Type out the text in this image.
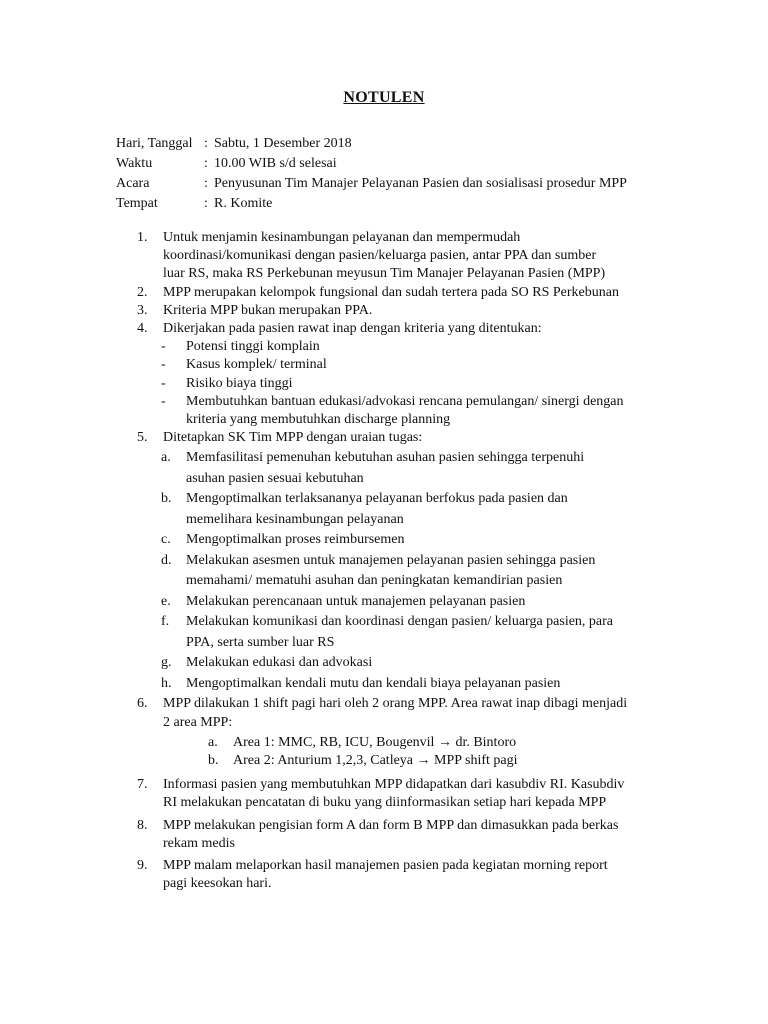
NOTULEN
Hari, Tanggal : Sabtu, 1 Desember 2018
Waktu	: 10.00 WIB s/d selesai
Acara	: Penyusunan Tim Manajer Pelayanan Pasien dan sosialisasi prosedur MPP
Tempat	: R. Komite
1. Untuk menjamin kesinambungan pelayanan dan mempermudah
koordinasi/komunikasi dengan pasien/keluarga pasien, antar PPA dan sumber
luar RS, maka RS Perkebunan meyusun Tim Manajer Pelayanan Pasien (MPP)
2. MPP merupakan kelompok fungsional dan sudah tertera pada SO RS Perkebunan
3. Kriteria MPP bukan merupakan PPA.
4. Dikerjakan pada pasien rawat inap dengan kriteria yang ditentukan:
- Potensi tinggi komplain
- Kasus komplek/ terminal
- Risiko biaya tinggi
- Membutuhkan bantuan edukasi/advokasi rencana pemulangan/ sinergi dengan
kriteria yang membutuhkan discharge planning
5. Ditetapkan SK Tim MPP dengan uraian tugas:
a. Memfasilitasi pemenuhan kebutuhan asuhan pasien sehingga terpenuhi
asuhan pasien sesuai kebutuhan
b. Mengoptimalkan terlaksananya pelayanan berfokus pada pasien dan
memelihara kesinambungan pelayanan
c. Mengoptimalkan proses reimbursemen
d. Melakukan asesmen untuk manajemen pelayanan pasien sehingga pasien
memahami/ mematuhi asuhan dan peningkatan kemandirian pasien
e. Melakukan perencanaan untuk manajemen pelayanan pasien
f. Melakukan komunikasi dan koordinasi dengan pasien/ keluarga pasien, para
PPA, serta sumber luar RS
g. Melakukan edukasi dan advokasi
h. Mengoptimalkan kendali mutu dan kendali biaya pelayanan pasien
6. MPP dilakukan 1 shift pagi hari oleh 2 orang MPP. Area rawat inap dibagi menjadi
2 area MPP:
a. Area 1: MMC, RB, ICU, Bougenvil → dr. Bintoro
b. Area 2: Anturium 1,2,3, Catleya → MPP shift pagi
7. Informasi pasien yang membutuhkan MPP didapatkan dari kasubdiv RI. Kasubdiv
RI melakukan pencatatan di buku yang diinformasikan setiap hari kepada MPP
8. MPP melakukan pengisian form A dan form B MPP dan dimasukkan pada berkas
rekam medis
9. MPP malam melaporkan hasil manajemen pasien pada kegiatan morning report
pagi keesokan hari.
